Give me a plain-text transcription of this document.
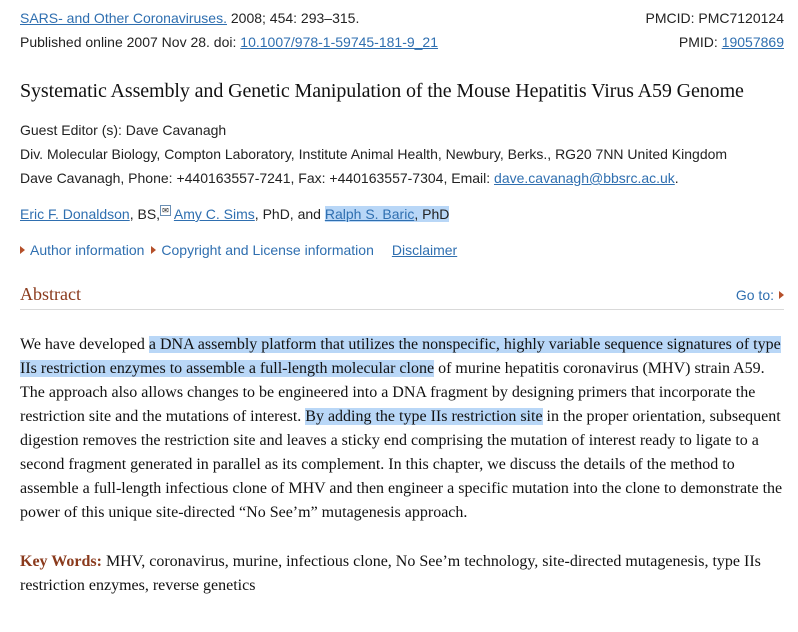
SARS- and Other Coronaviruses. 2008; 454: 293–315.	PMCID: PMC7120124
Published online 2007 Nov 28. doi: 10.1007/978-1-59745-181-9_21	PMID: 19057869
Systematic Assembly and Genetic Manipulation of the Mouse Hepatitis Virus A59 Genome
Guest Editor (s): Dave Cavanagh
Div. Molecular Biology, Compton Laboratory, Institute Animal Health, Newbury, Berks., RG20 7NN United Kingdom
Dave Cavanagh, Phone: +440163557-7241, Fax: +440163557-7304, Email: dave.cavanagh@bbsrc.ac.uk.
Eric F. Donaldson, BS, ✉ Amy C. Sims, PhD, and Ralph S. Baric, PhD
Author information Copyright and License information Disclaimer
Abstract	Go to:
We have developed a DNA assembly platform that utilizes the nonspecific, highly variable sequence signatures of type IIs restriction enzymes to assemble a full-length molecular clone of murine hepatitis coronavirus (MHV) strain A59. The approach also allows changes to be engineered into a DNA fragment by designing primers that incorporate the restriction site and the mutations of interest. By adding the type IIs restriction site in the proper orientation, subsequent digestion removes the restriction site and leaves a sticky end comprising the mutation of interest ready to ligate to a second fragment generated in parallel as its complement. In this chapter, we discuss the details of the method to assemble a full-length infectious clone of MHV and then engineer a specific mutation into the clone to demonstrate the power of this unique site-directed “No See’m” mutagenesis approach.
Key Words: MHV, coronavirus, murine, infectious clone, No See’m technology, site-directed mutagenesis, type IIs restriction enzymes, reverse genetics
